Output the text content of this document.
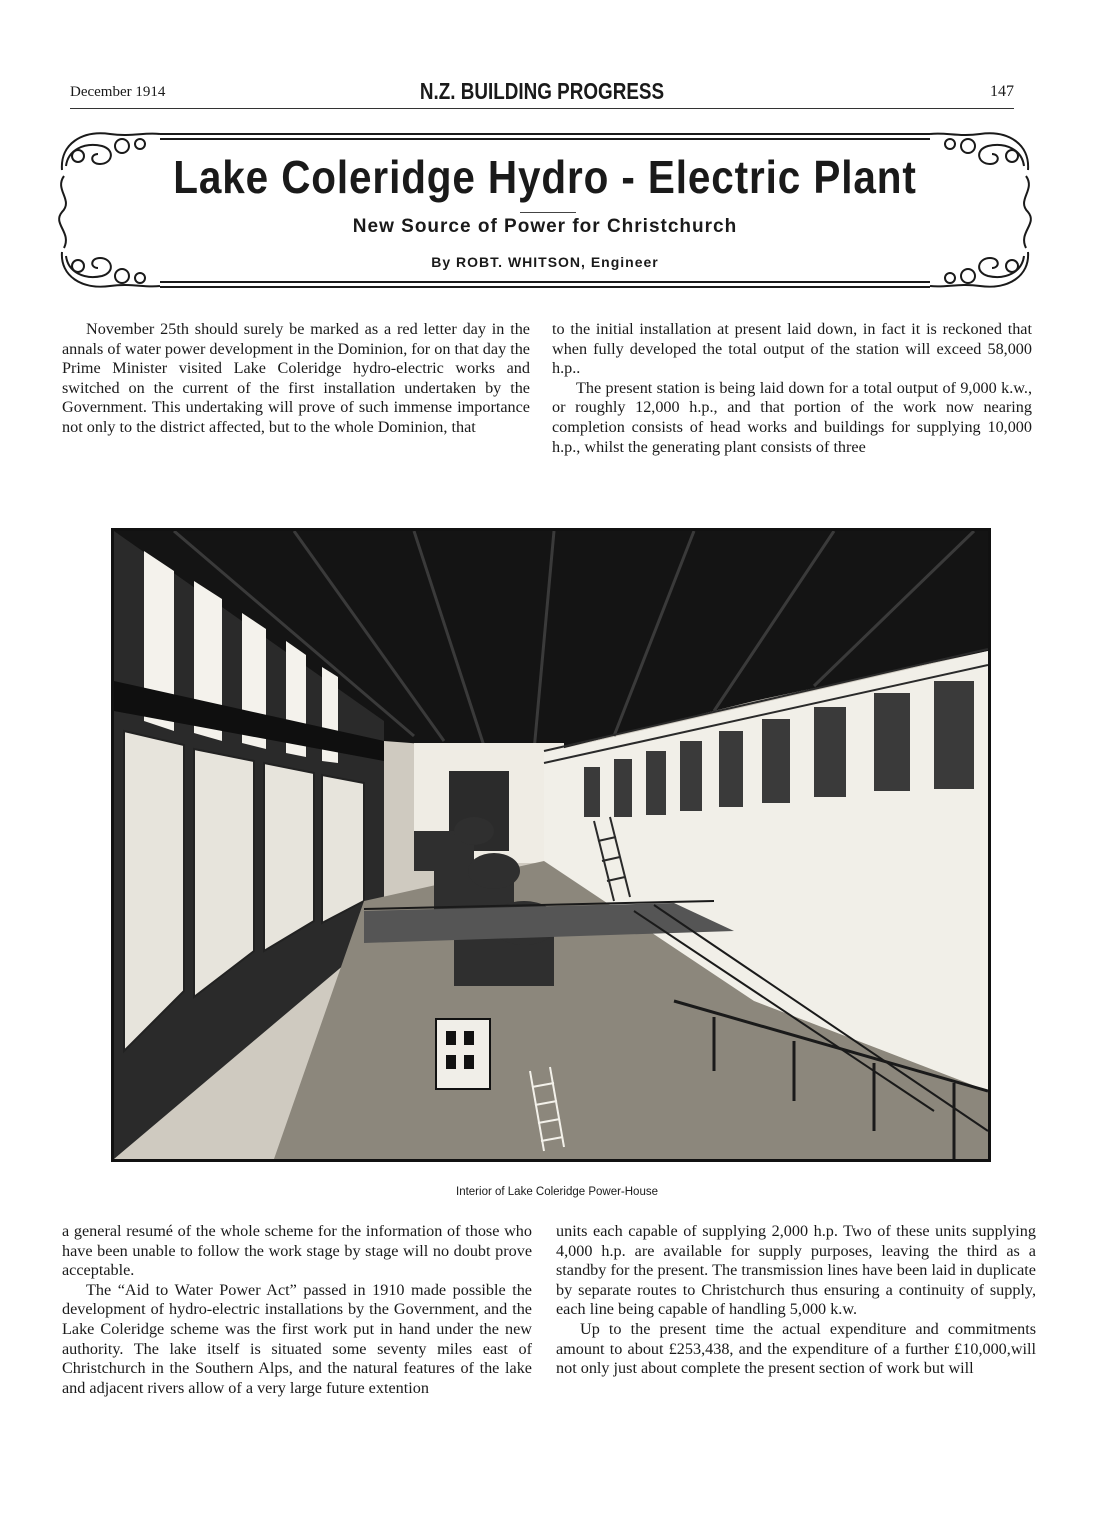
December 1914	N.Z. BUILDING PROGRESS	147
Lake Coleridge Hydro - Electric Plant
New Source of Power for Christchurch
By ROBT. WHITSON, Engineer

November 25th should surely be marked as a red letter day in the annals of water power development in the Dominion, for on that day the Prime Minister visited Lake Coleridge hydro-electric works and switched on the current of the first installation undertaken by the Government. This undertaking will prove of such immense importance not only to the district affected, but to the whole Dominion, that

to the initial installation at present laid down, in fact it is reckoned that when fully developed the total output of the station will exceed 58,000 h.p..

The present station is being laid down for a total output of 9,000 k.w., or roughly 12,000 h.p., and that portion of the work now nearing completion consists of head works and buildings for supplying 10,000 h.p., whilst the generating plant consists of three

Interior of Lake Coleridge Power-House

a general resumé of the whole scheme for the information of those who have been unable to follow the work stage by stage will no doubt prove acceptable.

The “Aid to Water Power Act” passed in 1910 made possible the development of hydro-electric installations by the Government, and the Lake Coleridge scheme was the first work put in hand under the new authority. The lake itself is situated some seventy miles east of Christchurch in the Southern Alps, and the natural features of the lake and adjacent rivers allow of a very large future extention

units each capable of supplying 2,000 h.p. Two of these units supplying 4,000 h.p. are available for supply purposes, leaving the third as a standby for the present. The transmission lines have been laid in duplicate by separate routes to Christchurch thus ensuring a continuity of supply, each line being capable of handling 5,000 k.w.

Up to the present time the actual expenditure and commitments amount to about £253,438, and the expenditure of a further £10,000,will not only just about complete the present section of work but will
